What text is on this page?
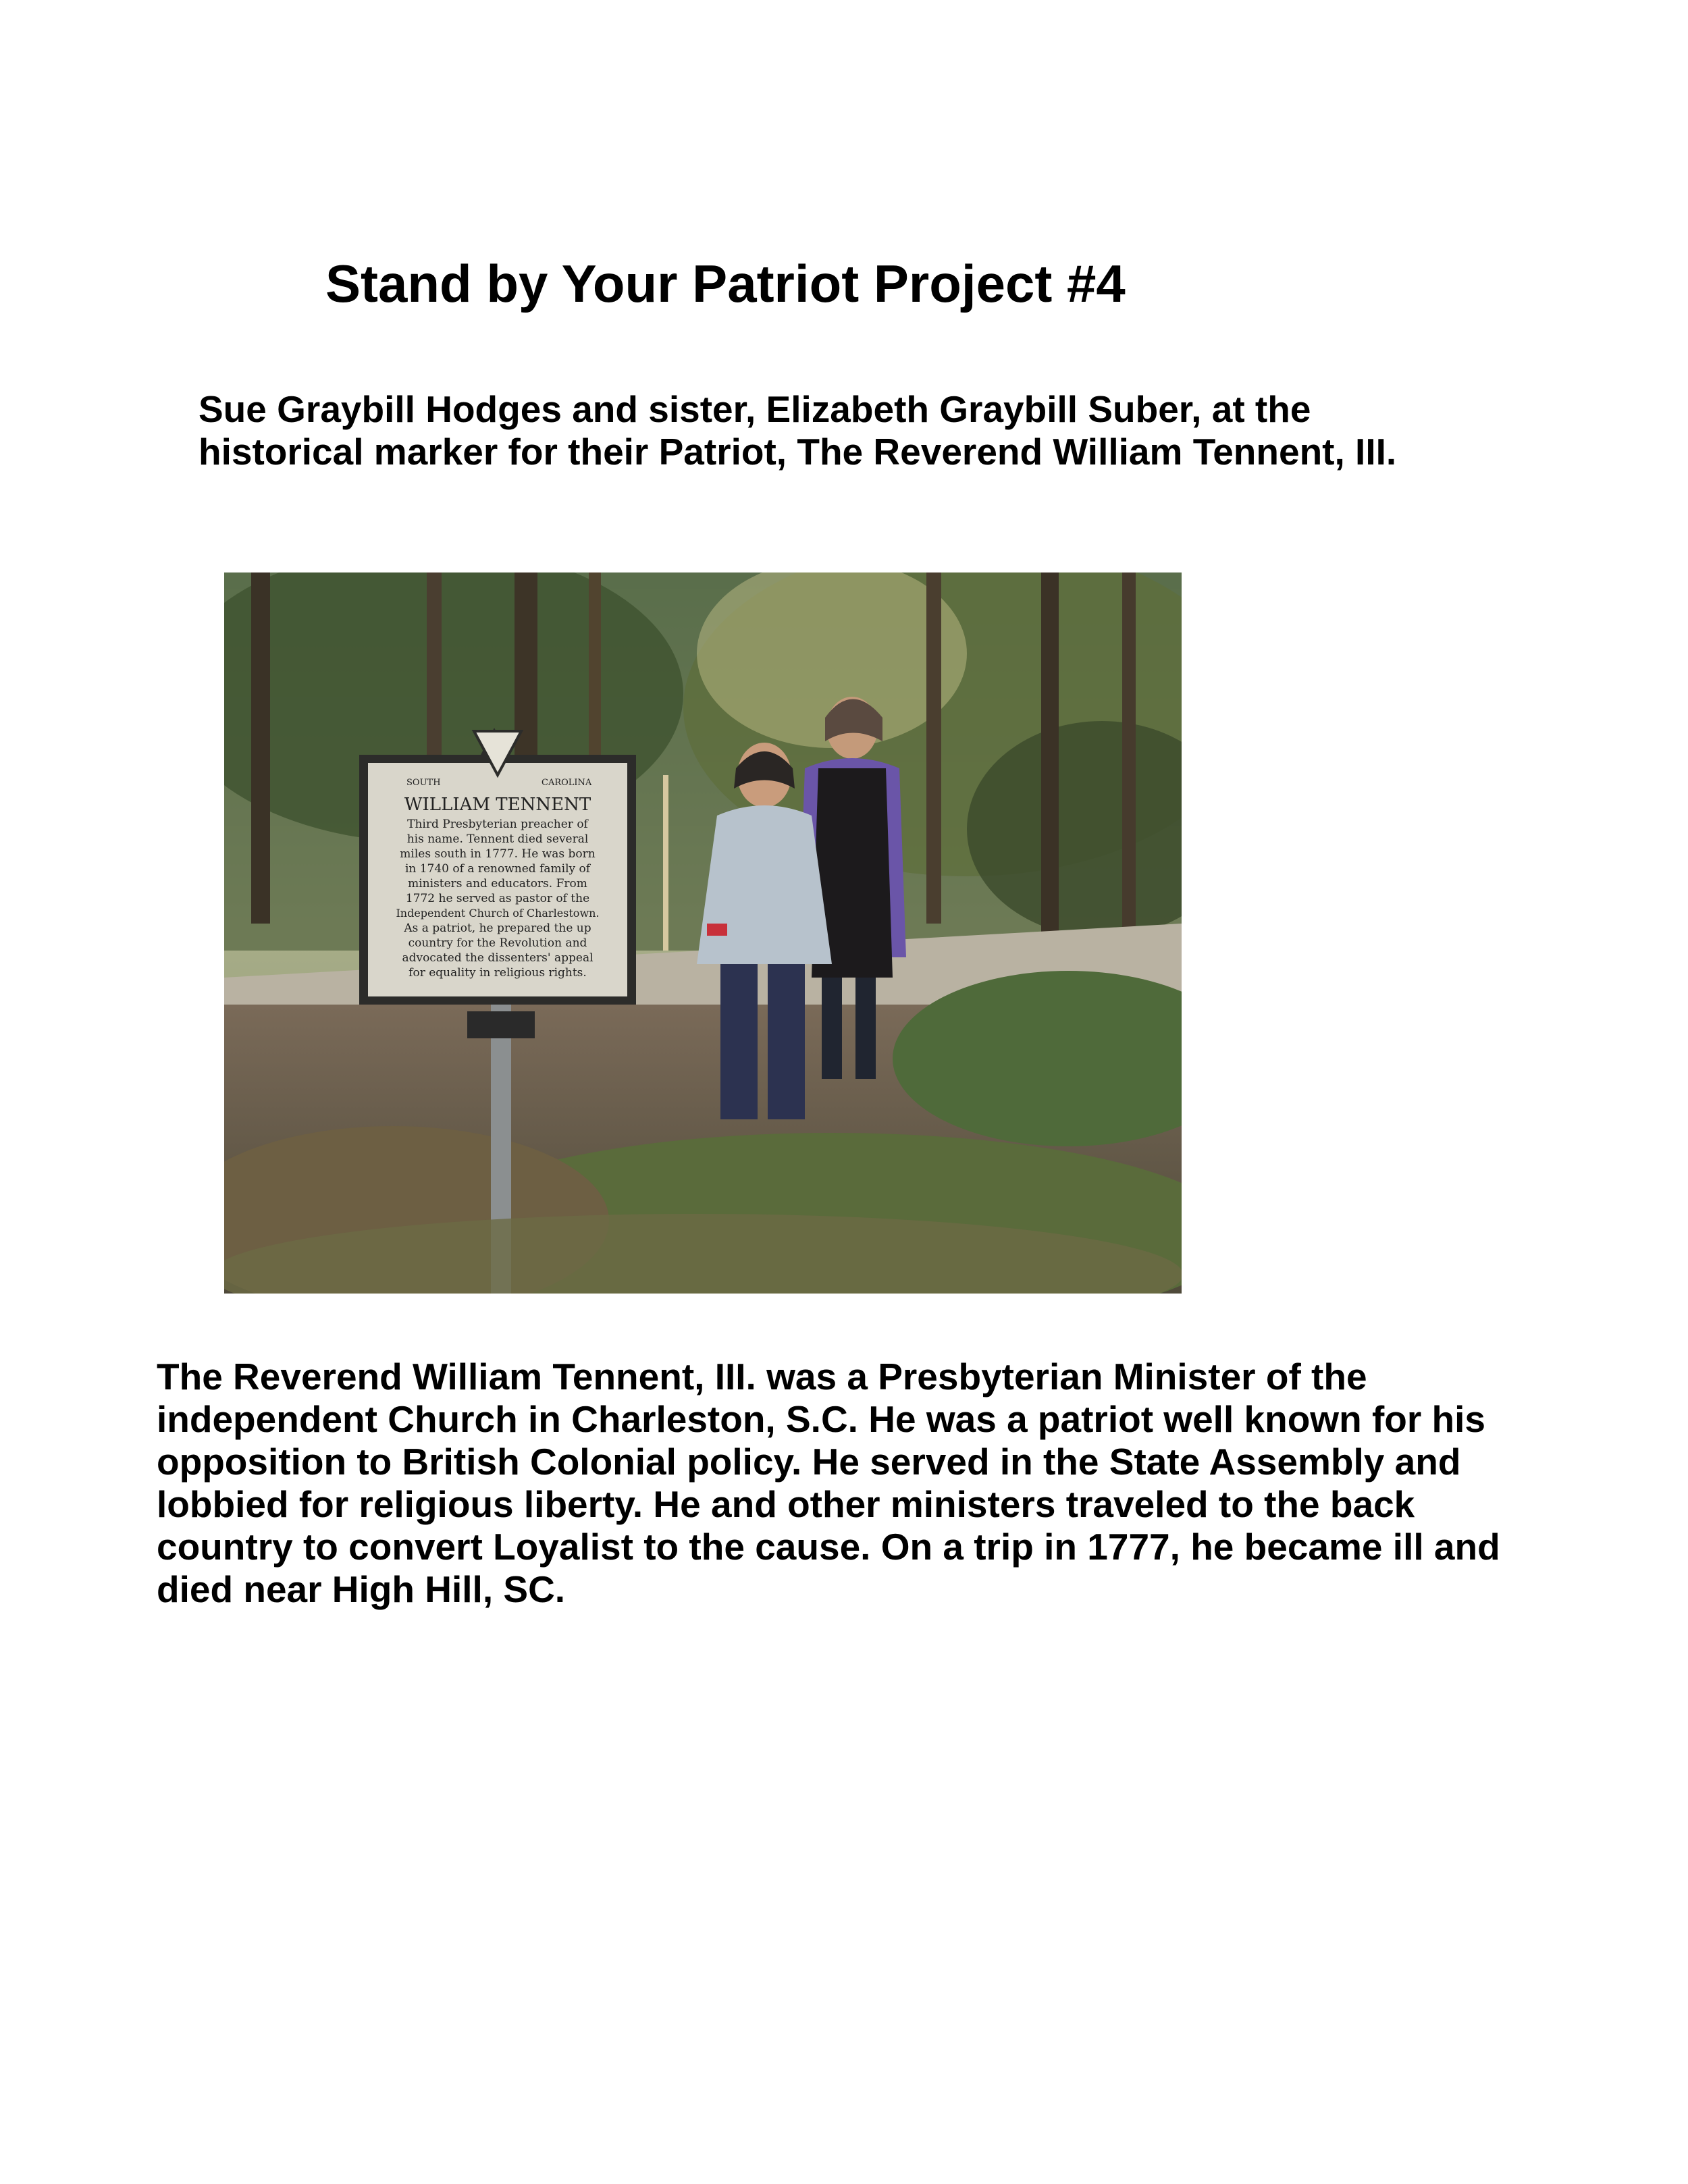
Stand by Your Patriot Project #4

Sue Graybill Hodges and sister, Elizabeth Graybill Suber, at the historical marker for their Patriot, The Reverend William Tennent, III.

SOUTH	CAROLINA
WILLIAM TENNENT
Third Presbyterian preacher of
his name. Tennent died several
miles south in 1777. He was born
in 1740 of a renowned family of
ministers and educators. From
1772 he served as pastor of the
Independent Church of Charlestown.
As a patriot, he prepared the up
country for the Revolution and
advocated the dissenters' appeal
for equality in religious rights.

The Reverend William Tennent, III. was a Presbyterian Minister of the independent Church in Charleston, S.C. He was a patriot well known for his opposition to British Colonial policy. He served in the State Assembly and lobbied for religious liberty. He and other ministers traveled to the back country to convert Loyalist to the cause. On a trip in 1777, he became ill and died near High Hill, SC.
